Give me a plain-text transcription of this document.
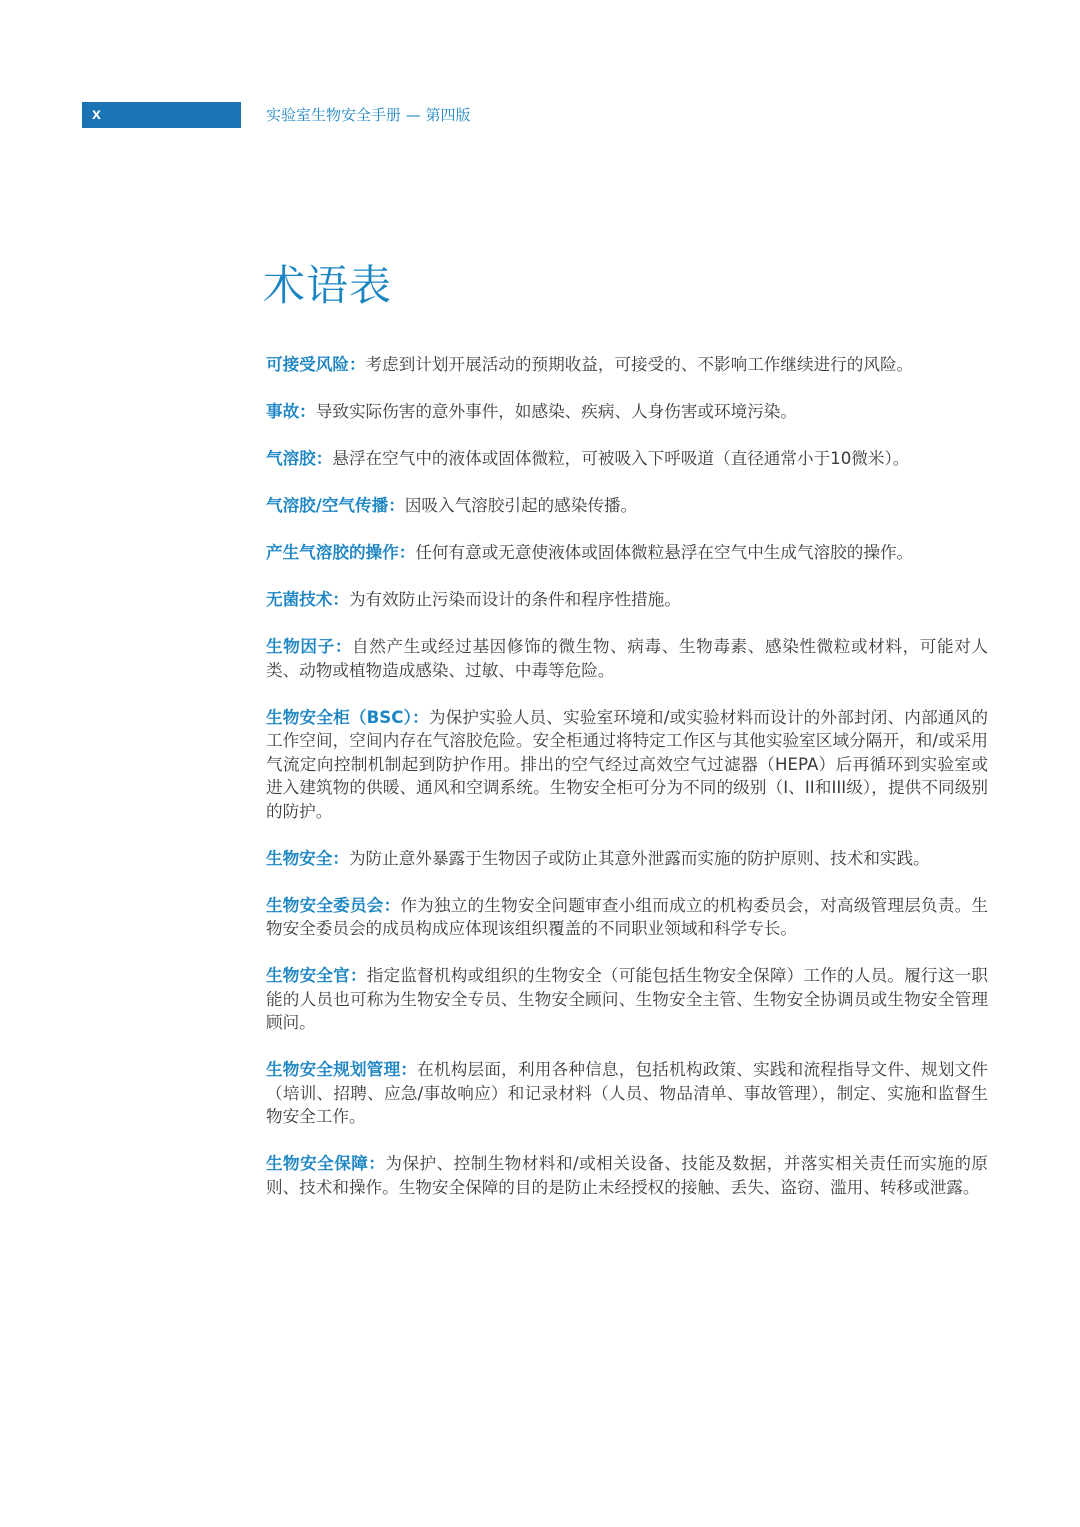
x	实验室生物安全手册 — 第四版
术语表

可接受风险：考虑到计划开展活动的预期收益，可接受的、不影响工作继续进行的风险。

事故：导致实际伤害的意外事件，如感染、疾病、人身伤害或环境污染。

气溶胶：悬浮在空气中的液体或固体微粒，可被吸入下呼吸道（直径通常小于10微米）。

气溶胶/空气传播：因吸入气溶胶引起的感染传播。

产生气溶胶的操作：任何有意或无意使液体或固体微粒悬浮在空气中生成气溶胶的操作。

无菌技术：为有效防止污染而设计的条件和程序性措施。

生物因子：自然产生或经过基因修饰的微生物、病毒、生物毒素、感染性微粒或材料，可能对人类、动物或植物造成感染、过敏、中毒等危险。

生物安全柜（BSC）：为保护实验人员、实验室环境和/或实验材料而设计的外部封闭、内部通风的工作空间，空间内存在气溶胶危险。安全柜通过将特定工作区与其他实验室区域分隔开，和/或采用气流定向控制机制起到防护作用。排出的空气经过高效空气过滤器（HEPA）后再循环到实验室或进入建筑物的供暖、通风和空调系统。生物安全柜可分为不同的级别（I、II和III级），提供不同级别的防护。

生物安全：为防止意外暴露于生物因子或防止其意外泄露而实施的防护原则、技术和实践。

生物安全委员会：作为独立的生物安全问题审查小组而成立的机构委员会，对高级管理层负责。生物安全委员会的成员构成应体现该组织覆盖的不同职业领域和科学专长。

生物安全官：指定监督机构或组织的生物安全（可能包括生物安全保障）工作的人员。履行这一职能的人员也可称为生物安全专员、生物安全顾问、生物安全主管、生物安全协调员或生物安全管理顾问。

生物安全规划管理：在机构层面，利用各种信息，包括机构政策、实践和流程指导文件、规划文件（培训、招聘、应急/事故响应）和记录材料（人员、物品清单、事故管理），制定、实施和监督生物安全工作。

生物安全保障：为保护、控制生物材料和/或相关设备、技能及数据，并落实相关责任而实施的原则、技术和操作。生物安全保障的目的是防止未经授权的接触、丢失、盗窃、滥用、转移或泄露。
